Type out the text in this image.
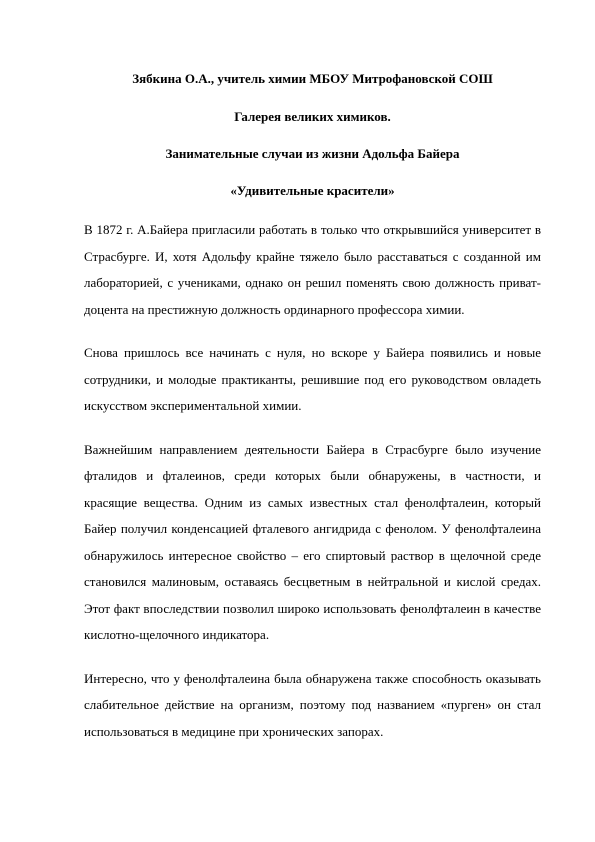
Зябкина О.А., учитель химии МБОУ Митрофановской СОШ

Галерея великих химиков.

Занимательные случаи из жизни Адольфа Байера

«Удивительные красители»

В 1872 г. А.Байера пригласили работать в только что открывшийся университет в Страсбурге. И, хотя Адольфу крайне тяжело было расставаться с созданной им лабораторией, с учениками, однако он решил поменять свою должность приват-доцента на престижную должность ординарного профессора химии.

Снова пришлось все начинать с нуля, но вскоре у Байера появились и новые сотрудники, и молодые практиканты, решившие под его руководством овладеть искусством экспериментальной химии.

Важнейшим направлением деятельности Байера в Страсбурге было изучение фталидов и фталеинов, среди которых были обнаружены, в частности, и красящие вещества. Одним из самых известных стал фенолфталеин, который Байер получил конденсацией фталевого ангидрида с фенолом. У фенолфталеина обнаружилось интересное свойство – его спиртовый раствор в щелочной среде становился малиновым, оставаясь бесцветным в нейтральной и кислой средах. Этот факт впоследствии позволил широко использовать фенолфталеин в качестве кислотно-щелочного индикатора.

Интересно, что у фенолфталеина была обнаружена также способность оказывать слабительное действие на организм, поэтому под названием «пурген» он стал использоваться в медицине при хронических запорах.
